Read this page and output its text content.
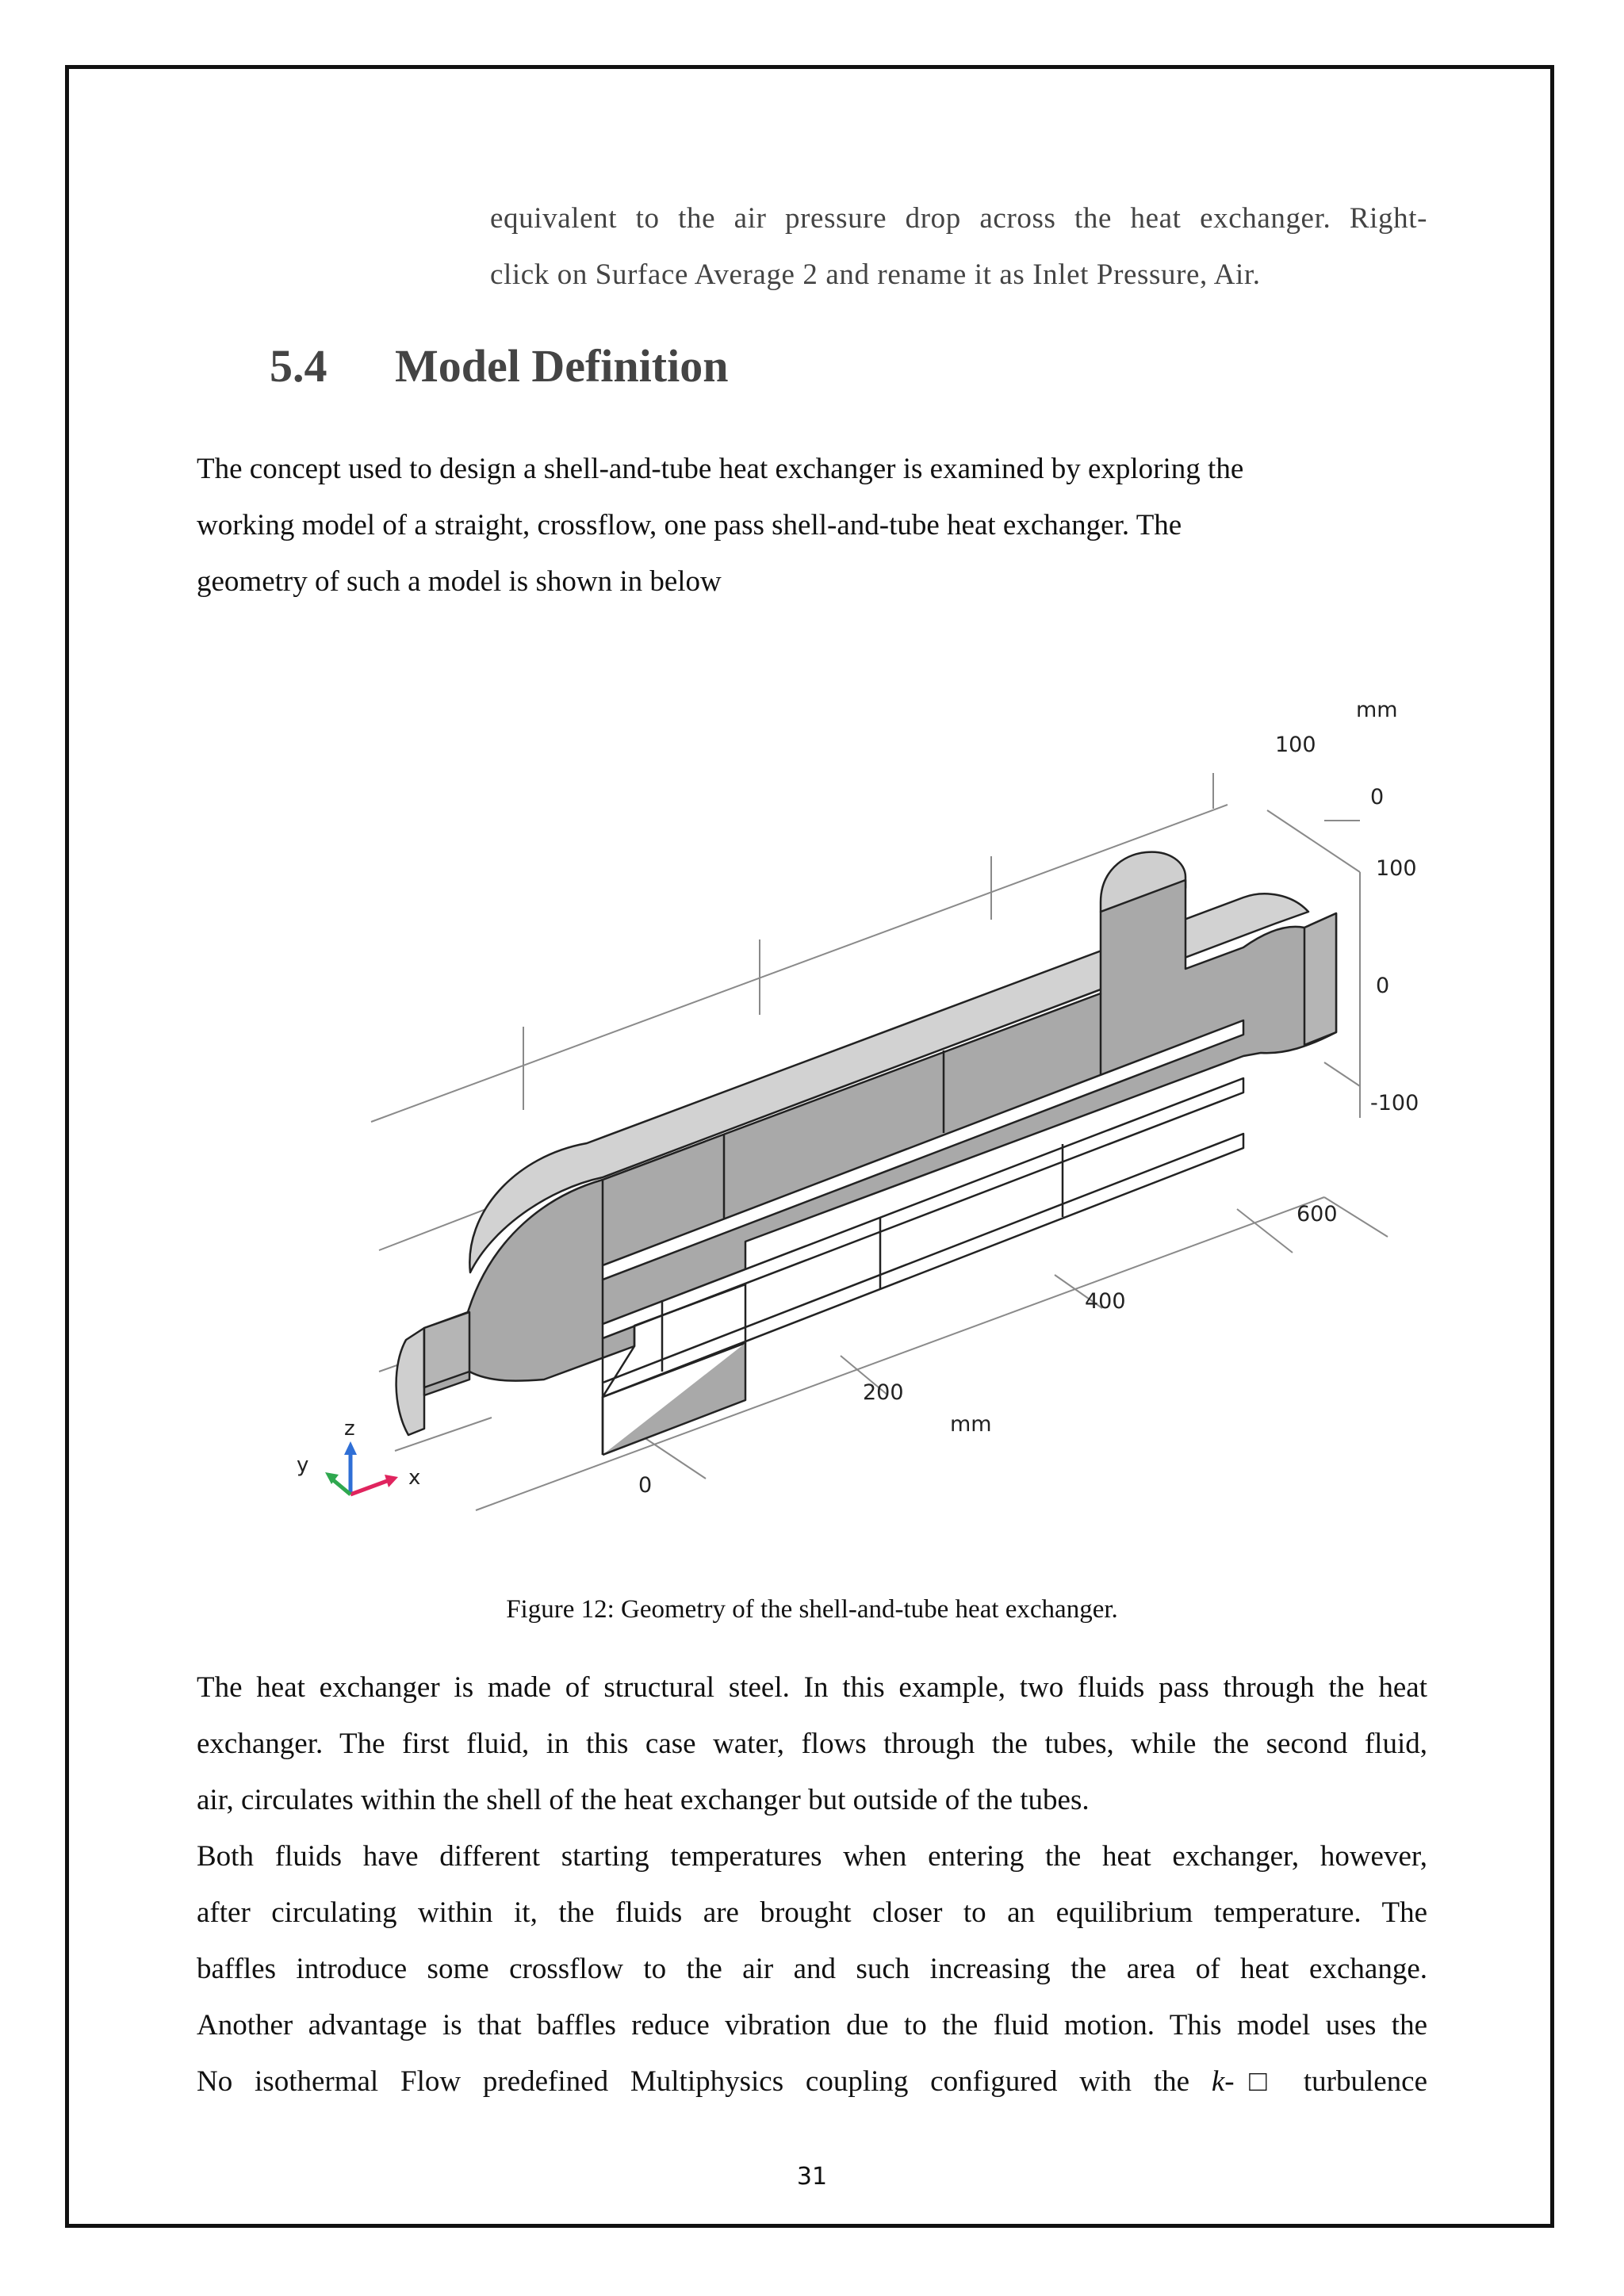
equivalent to the air pressure drop across the heat exchanger. Right-
click on Surface Average 2 and rename it as Inlet Pressure, Air.
5.4 Model Definition
The concept used to design a shell-and-tube heat exchanger is examined by exploring the
working model of a straight, crossflow, one pass shell-and-tube heat exchanger. The
geometry of such a model is shown in below
mm
100
0
100
0
-100
600
400
200
mm
0
z
x
y
Figure 12: Geometry of the shell-and-tube heat exchanger.
The heat exchanger is made of structural steel. In this example, two fluids pass through the heat
exchanger. The first fluid, in this case water, flows through the tubes, while the second fluid,
air, circulates within the shell of the heat exchanger but outside of the tubes.
Both fluids have different starting temperatures when entering the heat exchanger, however,
after circulating within it, the fluids are brought closer to an equilibrium temperature. The
baffles introduce some crossflow to the air and such increasing the area of heat exchange.
Another advantage is that baffles reduce vibration due to the fluid motion. This model uses the
No isothermal Flow predefined Multiphysics coupling configured with the k-□ turbulence
31
